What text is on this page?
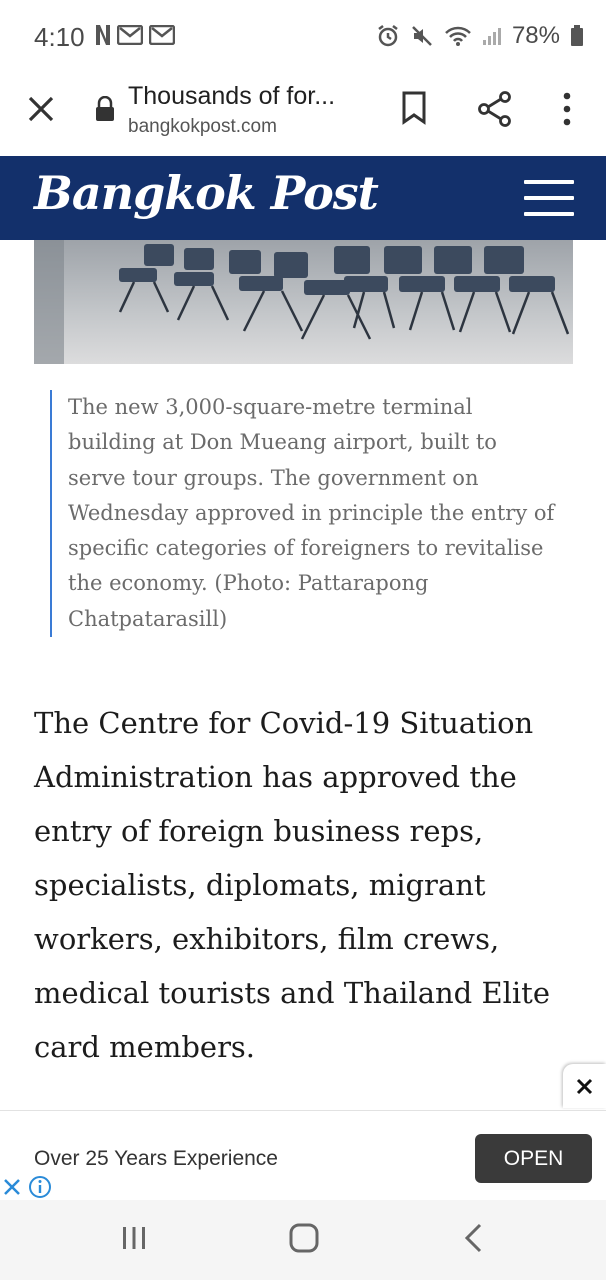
4:10	78%
Thousands of for...
bangkokpost.com
Bangkok Post

The new 3,000-square-metre terminal building at Don Mueang airport, built to serve tour groups. The government on Wednesday approved in principle the entry of specific categories of foreigners to revitalise the economy. (Photo: Pattarapong Chatpatarasill)

The Centre for Covid-19 Situation Administration has approved the entry of foreign business reps, specialists, diplomats, migrant workers, exhibitors, film crews, medical tourists and Thailand Elite card members.

Over 25 Years Experience	OPEN
